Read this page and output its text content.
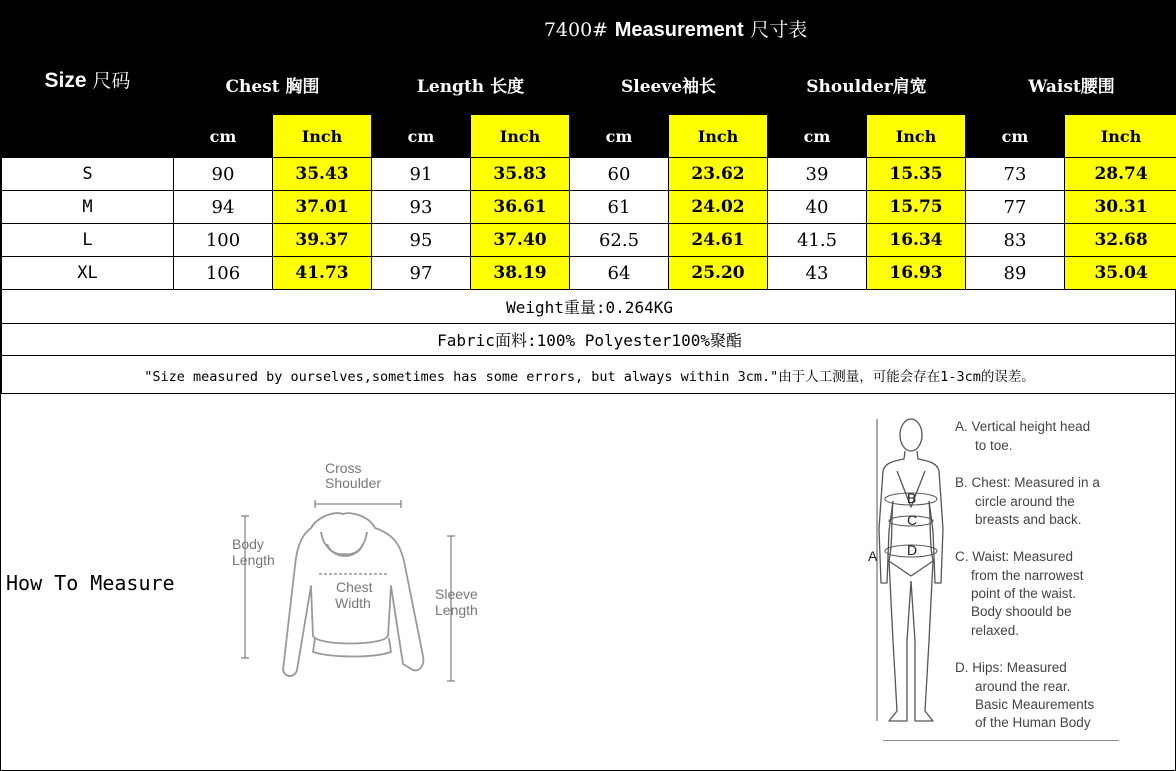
Size 尺码	7400# Measurement 尺寸表									
	Chest 胸围		Length 长度		Sleeve袖长		Shoulder肩宽		Waist腰围	
	cm	Inch	cm	Inch	cm	Inch	cm	Inch	cm	Inch
S	90	35.43	91	35.83	60	23.62	39	15.35	73	28.74
M	94	37.01	93	36.61	61	24.02	40	15.75	77	30.31
L	100	39.37	95	37.40	62.5	24.61	41.5	16.34	83	32.68
XL	106	41.73	97	38.19	64	25.20	43	16.93	89	35.04
Weight重量:0.264KG										
Fabric面料:100% Polyester100%聚酯										
"Size measured by ourselves,sometimes has some errors, but always within 3cm."由于人工测量，可能会存在1-3cm的误差。										
How To Measure
Cross
Shoulder
Body
Length
Chest
Width
Sleeve
Length
A
B
C
D
A. Vertical height head
to toe.
B. Chest: Measured in a
circle around the
breasts and back.
C. Waist: Measured
from the narrowest
point of the waist.
Body shoould be
relaxed.
D. Hips: Measured
around the rear.
Basic Meaurements
of the Human Body
